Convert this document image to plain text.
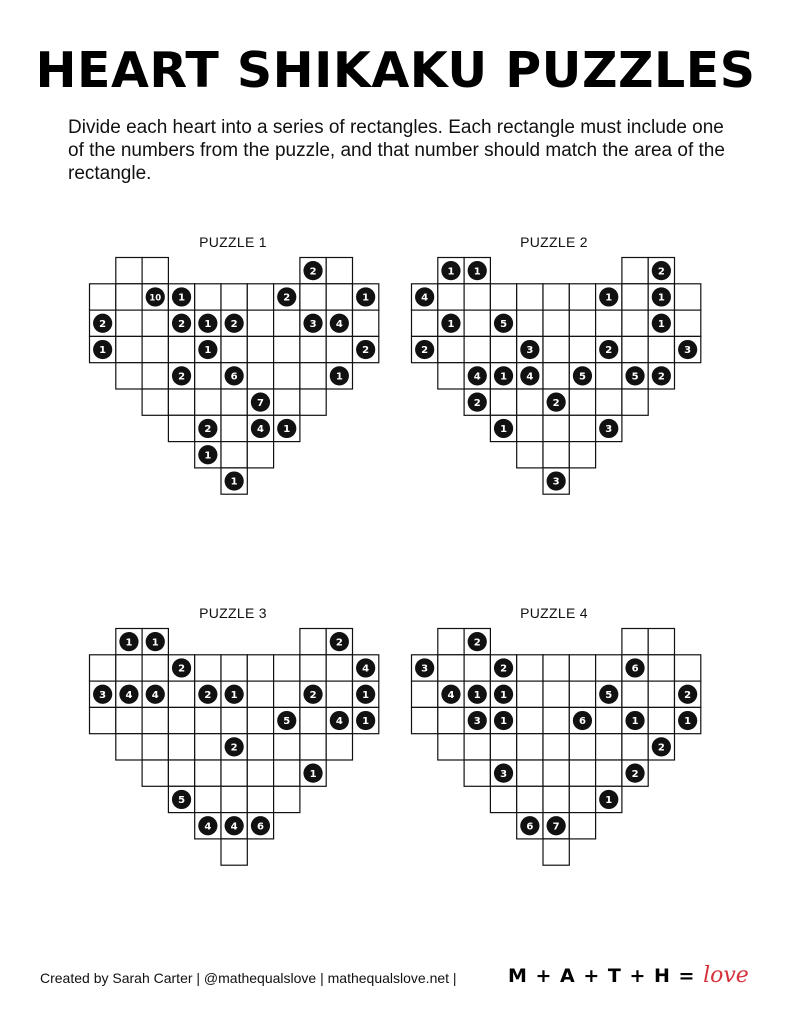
HEART SHIKAKU PUZZLES

Divide each heart into a series of rectangles. Each rectangle must include one of the numbers from the puzzle, and that number should match the area of the rectangle.

PUZZLE 1
2
10 1	2	1
2	2 1 2	3 4
1	1	2
2	6	1
7
2	4 1
1
1
PUZZLE 2
1 1	2
4	1	1
1	5	1
2	3	2	3
4 1 4	5	5 2
2	2
1	3
3
PUZZLE 3
1 1	2
2	4
3 4 4	2 1	2	1
5	4 1
2
1
5
4 4 6
PUZZLE 4
2
3	2	6
4 1 1	5	2
3 1	6	1	1
2
3	2
1
6 7
Created by Sarah Carter | @mathequalslove | mathequalslove.net |	M + A + T + H = love
